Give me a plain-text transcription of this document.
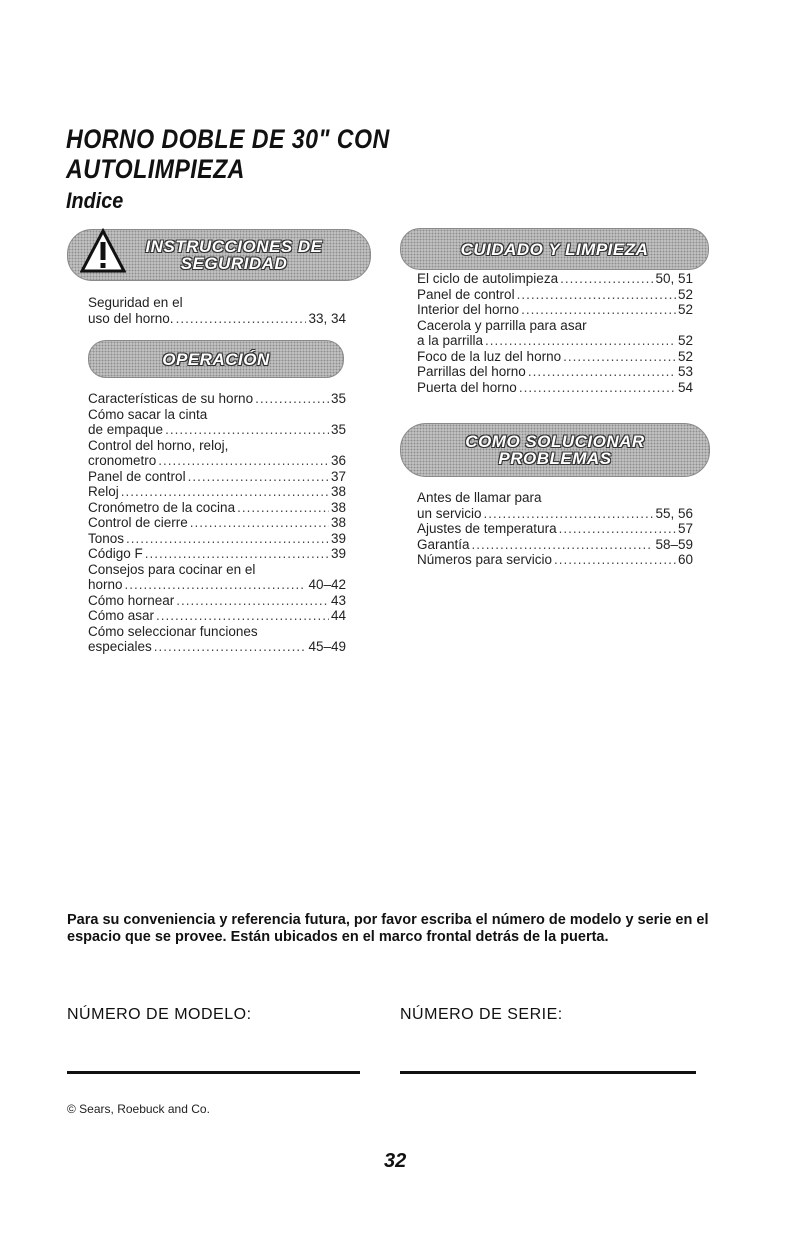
HORNO DOBLE DE 30" CON
AUTOLIMPIEZA
Indice
INSTRUCCIONES DE
SEGURIDAD
OPERACIÓN
CUIDADO Y LIMPIEZA
COMO SOLUCIONAR
PROBLEMAS
Seguridad en el
uso del horno. .....	33, 34
Características de su horno .....	35
Cómo sacar la cinta
de empaque .....	35
Control del horno, reloj,
cronometro .....	36
Panel de control .....	37
Reloj .....	38
Cronómetro de la cocina .....	38
Control de cierre .....	38
Tonos .....	39
Código F .....	39
Consejos para cocinar en el
horno .....	40–42
Cómo hornear .....	43
Cómo asar .....	44
Cómo seleccionar funciones
especiales .....	45–49
El ciclo de autolimpieza .....	50, 51
Panel de control .....	52
Interior del horno .....	52
Cacerola y parrilla para asar
a la parrilla .....	52
Foco de la luz del horno .....	52
Parrillas del horno .....	53
Puerta del horno .....	54
Antes de llamar para
un servicio .....	55, 56
Ajustes de temperatura .....	57
Garantía .....	58–59
Números para servicio .....	60
Para su conveniencia y referencia futura, por favor escriba el número de modelo y serie en el espacio que se provee. Están ubicados en el marco frontal detrás de la puerta.
NÚMERO DE MODELO:	NÚMERO DE SERIE:
© Sears, Roebuck and Co.
32
